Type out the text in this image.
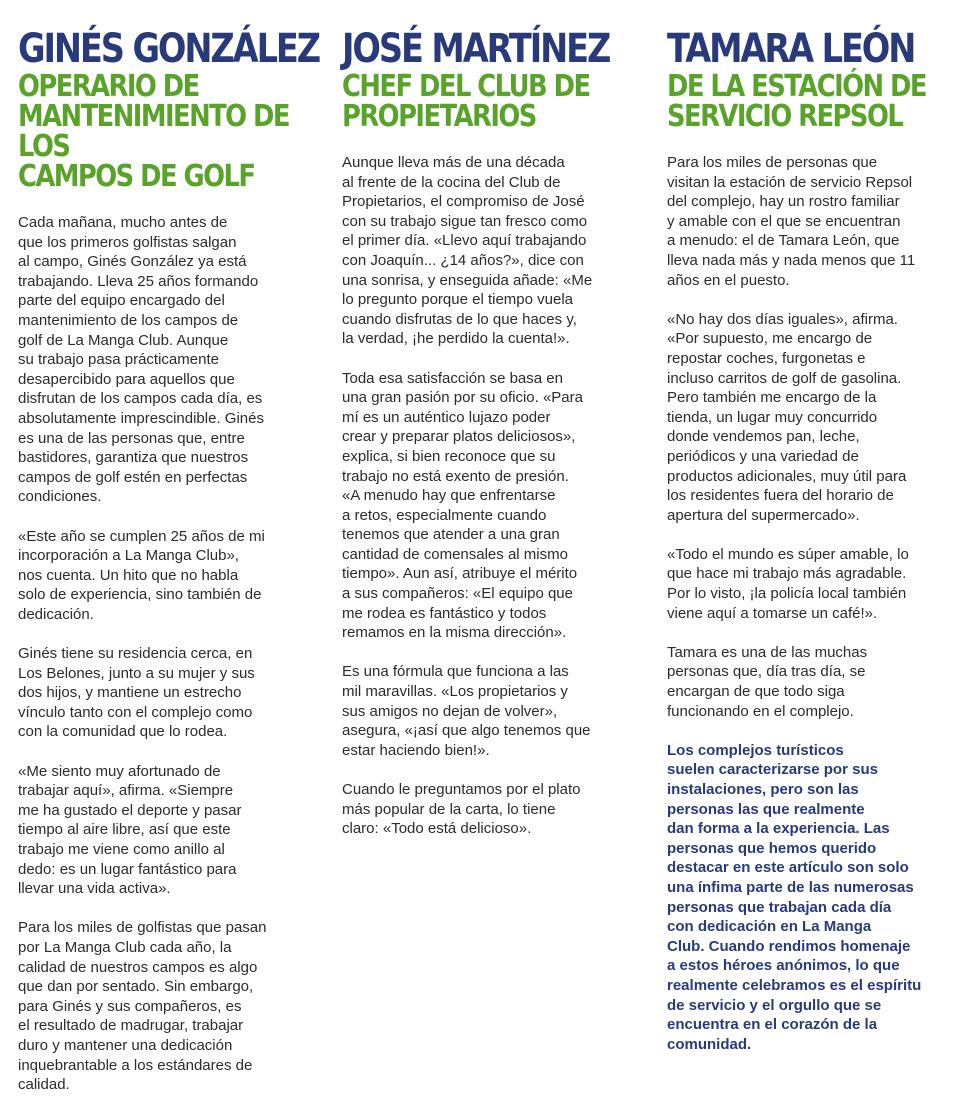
GINÉS GONZÁLEZ
OPERARIO DE
MANTENIMIENTO DE LOS
CAMPOS DE GOLF

Cada mañana, mucho antes de
que los primeros golfistas salgan
al campo, Ginés González ya está
trabajando. Lleva 25 años formando
parte del equipo encargado del
mantenimiento de los campos de
golf de La Manga Club. Aunque
su trabajo pasa prácticamente
desapercibido para aquellos que
disfrutan de los campos cada día, es
absolutamente imprescindible. Ginés
es una de las personas que, entre
bastidores, garantiza que nuestros
campos de golf estén en perfectas
condiciones.

«Este año se cumplen 25 años de mi
incorporación a La Manga Club»,
nos cuenta. Un hito que no habla
solo de experiencia, sino también de
dedicación.

Ginés tiene su residencia cerca, en
Los Belones, junto a su mujer y sus
dos hijos, y mantiene un estrecho
vínculo tanto con el complejo como
con la comunidad que lo rodea.

«Me siento muy afortunado de
trabajar aquí», afirma. «Siempre
me ha gustado el deporte y pasar
tiempo al aire libre, así que este
trabajo me viene como anillo al
dedo: es un lugar fantástico para
llevar una vida activa».

Para los miles de golfistas que pasan
por La Manga Club cada año, la
calidad de nuestros campos es algo
que dan por sentado. Sin embargo,
para Ginés y sus compañeros, es
el resultado de madrugar, trabajar
duro y mantener una dedicación
inquebrantable a los estándares de
calidad.

JOSÉ MARTÍNEZ
CHEF DEL CLUB DE
PROPIETARIOS

Aunque lleva más de una década
al frente de la cocina del Club de
Propietarios, el compromiso de José
con su trabajo sigue tan fresco como
el primer día. «Llevo aquí trabajando
con Joaquín... ¿14 años?», dice con
una sonrisa, y enseguida añade: «Me
lo pregunto porque el tiempo vuela
cuando disfrutas de lo que haces y,
la verdad, ¡he perdido la cuenta!».

Toda esa satisfacción se basa en
una gran pasión por su oficio. «Para
mí es un auténtico lujazo poder
crear y preparar platos deliciosos»,
explica, si bien reconoce que su
trabajo no está exento de presión.
«A menudo hay que enfrentarse
a retos, especialmente cuando
tenemos que atender a una gran
cantidad de comensales al mismo
tiempo». Aun así, atribuye el mérito
a sus compañeros: «El equipo que
me rodea es fantástico y todos
remamos en la misma dirección».

Es una fórmula que funciona a las
mil maravillas. «Los propietarios y
sus amigos no dejan de volver»,
asegura, «¡así que algo tenemos que
estar haciendo bien!».

Cuando le preguntamos por el plato
más popular de la carta, lo tiene
claro: «Todo está delicioso».

TAMARA LEÓN
DE LA ESTACIÓN DE
SERVICIO REPSOL

Para los miles de personas que
visitan la estación de servicio Repsol
del complejo, hay un rostro familiar
y amable con el que se encuentran
a menudo: el de Tamara León, que
lleva nada más y nada menos que 11
años en el puesto.

«No hay dos días iguales», afirma.
«Por supuesto, me encargo de
repostar coches, furgonetas e
incluso carritos de golf de gasolina.
Pero también me encargo de la
tienda, un lugar muy concurrido
donde vendemos pan, leche,
periódicos y una variedad de
productos adicionales, muy útil para
los residentes fuera del horario de
apertura del supermercado».

«Todo el mundo es súper amable, lo
que hace mi trabajo más agradable.
Por lo visto, ¡la policía local también
viene aquí a tomarse un café!».

Tamara es una de las muchas
personas que, día tras día, se
encargan de que todo siga
funcionando en el complejo.

Los complejos turísticos
suelen caracterizarse por sus
instalaciones, pero son las
personas las que realmente
dan forma a la experiencia. Las
personas que hemos querido
destacar en este artículo son solo
una ínfima parte de las numerosas
personas que trabajan cada día
con dedicación en La Manga
Club. Cuando rendimos homenaje
a estos héroes anónimos, lo que
realmente celebramos es el espíritu
de servicio y el orgullo que se
encuentra en el corazón de la
comunidad.
